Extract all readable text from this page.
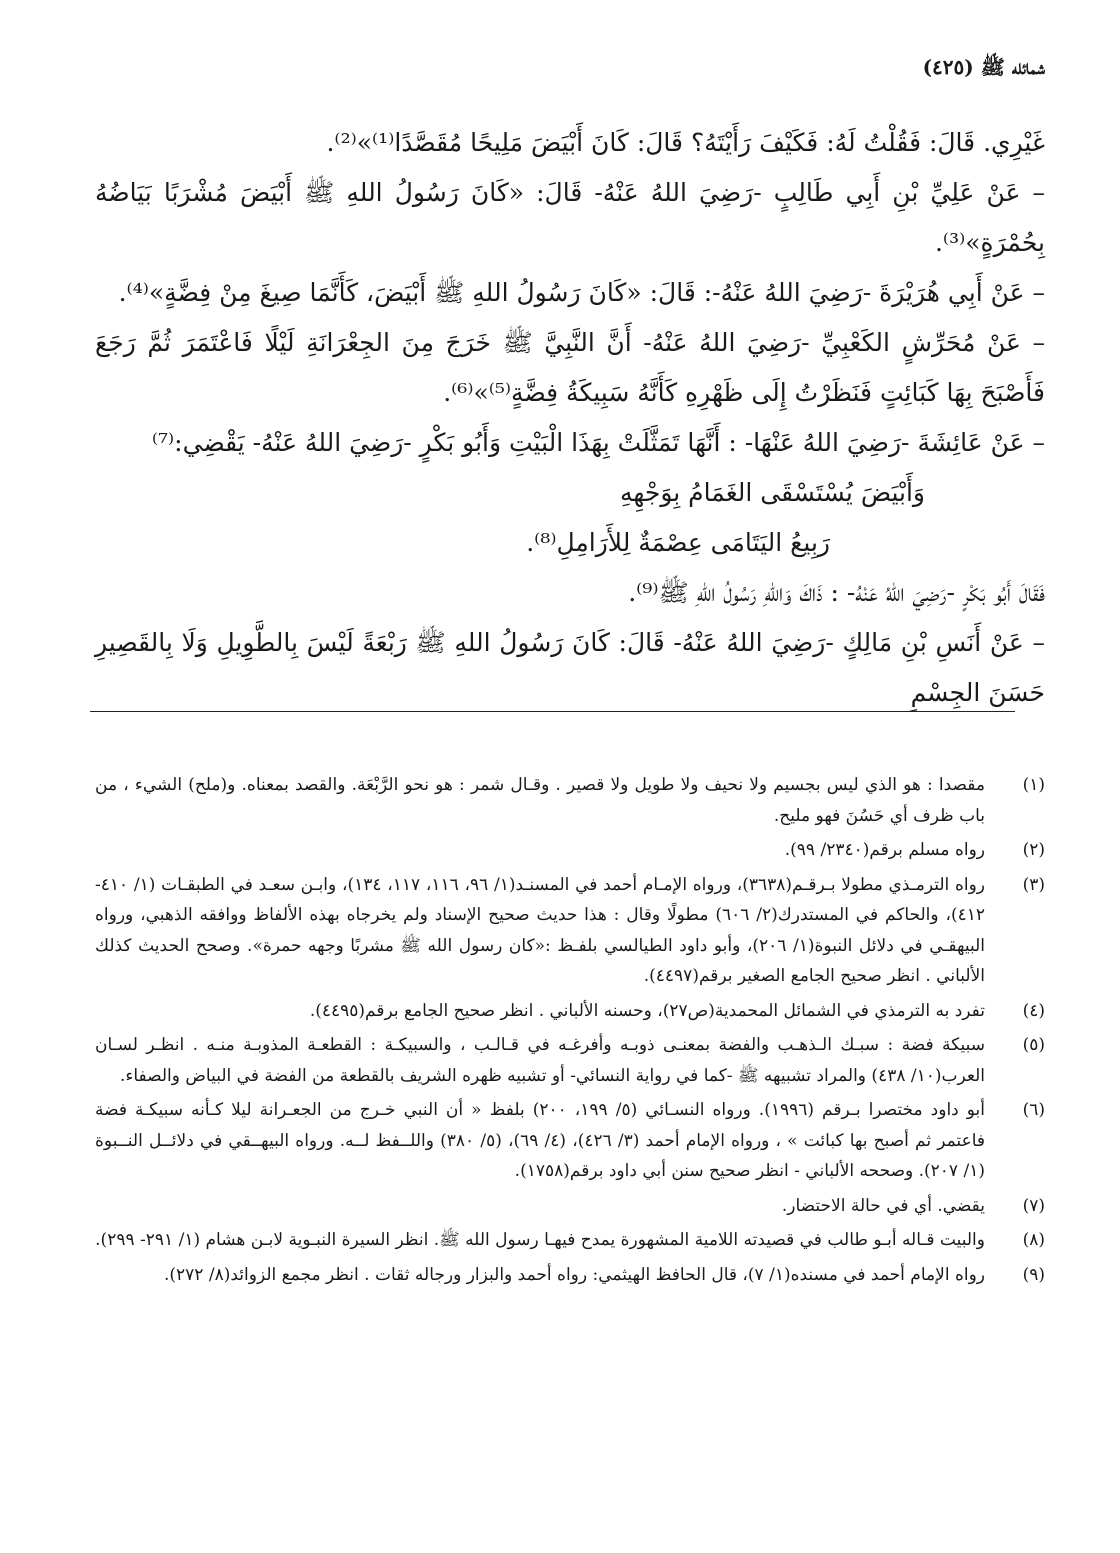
شمائله ﷺ (٤٢٥)

غَيْرِي. قَالَ: فَقُلْتُ لَهُ: فَكَيْفَ رَأَيْتَهُ؟ قَالَ: كَانَ أَبْيَضَ مَلِيحًا مُقَصَّدًا⁽¹⁾»⁽²⁾.

– عَنْ عَلِيِّ بْنِ أَبِي طَالِبٍ -رَضِيَ اللهُ عَنْهُ- قَالَ: «كَانَ رَسُولُ اللهِ ﷺ أَبْيَضَ مُشْرَبًا بَيَاضُهُ بِحُمْرَةٍ»⁽³⁾.

– عَنْ أَبِي هُرَيْرَةَ -رَضِيَ اللهُ عَنْهُ-: قَالَ: «كَانَ رَسُولُ اللهِ ﷺ أَبْيَضَ، كَأَنَّمَا صِيغَ مِنْ فِضَّةٍ»⁽⁴⁾.

– عَنْ مُحَرِّشٍ الكَعْبِيِّ -رَضِيَ اللهُ عَنْهُ- أَنَّ النَّبِيَّ ﷺ خَرَجَ مِنَ الجِعْرَانَةِ لَيْلًا فَاعْتَمَرَ ثُمَّ رَجَعَ فَأَصْبَحَ بِهَا كَبَائِتٍ فَنَظَرْتُ إِلَى ظَهْرِهِ كَأَنَّهُ سَبِيكَةُ فِضَّةٍ⁽⁵⁾»⁽⁶⁾.

– عَنْ عَائِشَةَ -رَضِيَ اللهُ عَنْهَا- : أَنَّهَا تَمَثَّلَتْ بِهَذَا الْبَيْتِ وَأَبُو بَكْرٍ -رَضِيَ اللهُ عَنْهُ- يَقْضِي:⁽⁷⁾

وَأَبْيَضَ يُسْتَسْقَى الغَمَامُ بِوَجْهِهِ

رَبِيعُ اليَتَامَى عِصْمَةٌ لِلأَرَامِلِ⁽⁸⁾.

فَقَالَ أَبُو بَكْرٍ -رَضِيَ اللهُ عَنْهُ- : ذَاكَ وَاللهِ رَسُولُ اللهِ ﷺ⁽⁹⁾.

– عَنْ أَنَسِ بْنِ مَالِكٍ -رَضِيَ اللهُ عَنْهُ- قَالَ: كَانَ رَسُولُ اللهِ ﷺ رَبْعَةً لَيْسَ بِالطَّوِيلِ وَلَا بِالقَصِيرِ حَسَنَ الجِسْمِ

(١)
مقصدا : هو الذي ليس بجسيم ولا نحيف ولا طويل ولا قصير . وقـال شمر : هو نحو الرَّبْعَة. والقصد بمعناه. و(ملح) الشيء ، من باب ظرف أي حَسُنَ فهو مليح.
(٢)
رواه مسلم برقم(٢٣٤٠/ ٩٩).
(٣)
رواه الترمـذي مطولا بـرقـم(٣٦٣٨)، ورواه الإمـام أحمد في المسنـد(١/ ٩٦، ١١٦، ١١٧، ١٣٤)، وابـن سعـد في الطبقـات (١/ ٤١٠- ٤١٢)، والحاكم في المستدرك(٢/ ٦٠٦) مطولًا وقال : هذا حديث صحيح الإسناد ولم يخرجاه بهذه الألفاظ ووافقه الذهبي، ورواه البيهقـي في دلائل النبوة(١/ ٢٠٦)، وأبو داود الطيالسي بلفـظ :«كان رسول الله ﷺ مشربًا وجهه حمرة». وصحح الحديث كذلك الألباني . انظر صحيح الجامع الصغير برقم(٤٤٩٧).
(٤)
تفرد به الترمذي في الشمائل المحمدية(ص٢٧)، وحسنه الألباني . انظر صحيح الجامع برقم(٤٤٩٥).
(٥)
سبيكة فضة : سبـك الـذهـب والفضة بمعنـى ذوبـه وأفرغـه في قـالـب ، والسبيكـة : القطعـة المذوبـة منـه . انظـر لسـان العرب(١٠/ ٤٣٨) والمراد تشبيهه ﷺ -كما في رواية النسائي- أو تشبيه ظهره الشريف بالقطعة من الفضة في البياض والصفاء.
(٦)
أبو داود مختصرا بـرقم (١٩٩٦). ورواه النسـائي (٥/ ١٩٩، ٢٠٠) بلفظ « أن النبي خـرج من الجعـرانة ليلا كـأنه سبيكـة فضة فاعتمر ثم أصبح بها كبائت » ، ورواه الإمام أحمد (٣/ ٤٢٦)، (٤/ ٦٩)، (٥/ ٣٨٠) واللــفظ لــه. ورواه البيهــقي في دلائــل النــبوة (١/ ٢٠٧). وصححه الألباني - انظر صحيح سنن أبي داود برقم(١٧٥٨).
(٧)
يقضي. أي في حالة الاحتضار.
(٨)
والبيت قـاله أبـو طالب في قصيدته اللامية المشهورة يمدح فيهـا رسول الله ﷺ. انظر السيرة النبـوية لابـن هشام (١/ ٢٩١- ٢٩٩).
(٩)
رواه الإمام أحمد في مسنده(١/ ٧)، قال الحافظ الهيثمي: رواه أحمد والبزار ورجاله ثقات . انظر مجمع الزوائد(٨/ ٢٧٢).
